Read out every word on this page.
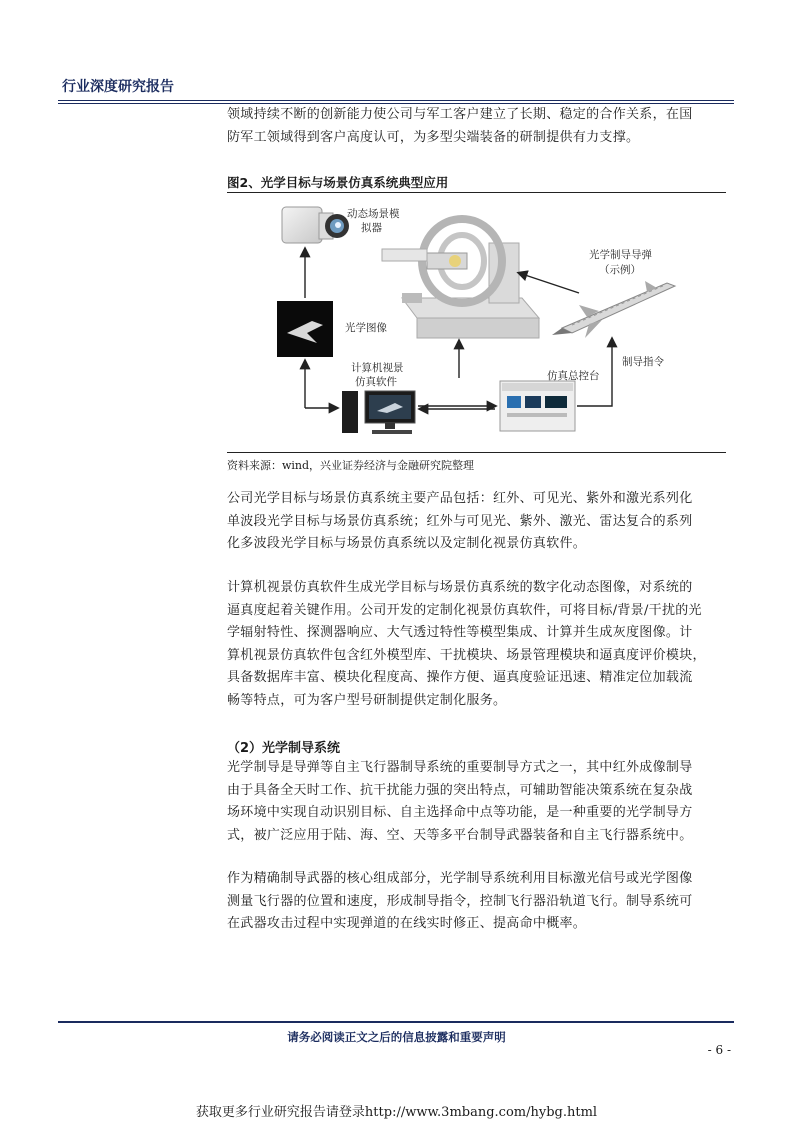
行业深度研究报告
领域持续不断的创新能力使公司与军工客户建立了长期、稳定的合作关系，在国
防军工领域得到客户高度认可，为多型尖端装备的研制提供有力支撑。
图2、光学目标与场景仿真系统典型应用
动态场景模
拟器
光学制导导弹
（示例）
光学图像
计算机视景
仿真软件	仿真总控台
制导指令
资料来源：wind，兴业证券经济与金融研究院整理
公司光学目标与场景仿真系统主要产品包括：红外、可见光、紫外和激光系列化
单波段光学目标与场景仿真系统；红外与可见光、紫外、激光、雷达复合的系列
化多波段光学目标与场景仿真系统以及定制化视景仿真软件。
计算机视景仿真软件生成光学目标与场景仿真系统的数字化动态图像，对系统的
逼真度起着关键作用。公司开发的定制化视景仿真软件，可将目标/背景/干扰的光
学辐射特性、探测器响应、大气透过特性等模型集成、计算并生成灰度图像。计
算机视景仿真软件包含红外模型库、干扰模块、场景管理模块和逼真度评价模块，
具备数据库丰富、模块化程度高、操作方便、逼真度验证迅速、精准定位加载流
畅等特点，可为客户型号研制提供定制化服务。
（2）光学制导系统
光学制导是导弹等自主飞行器制导系统的重要制导方式之一，其中红外成像制导
由于具备全天时工作、抗干扰能力强的突出特点，可辅助智能决策系统在复杂战
场环境中实现自动识别目标、自主选择命中点等功能，是一种重要的光学制导方
式，被广泛应用于陆、海、空、天等多平台制导武器装备和自主飞行器系统中。
作为精确制导武器的核心组成部分，光学制导系统利用目标激光信号或光学图像
测量飞行器的位置和速度，形成制导指令，控制飞行器沿轨道飞行。制导系统可
在武器攻击过程中实现弹道的在线实时修正、提高命中概率。
请务必阅读正文之后的信息披露和重要声明
- 6 -
获取更多行业研究报告请登录http://www.3mbang.com/hybg.html
